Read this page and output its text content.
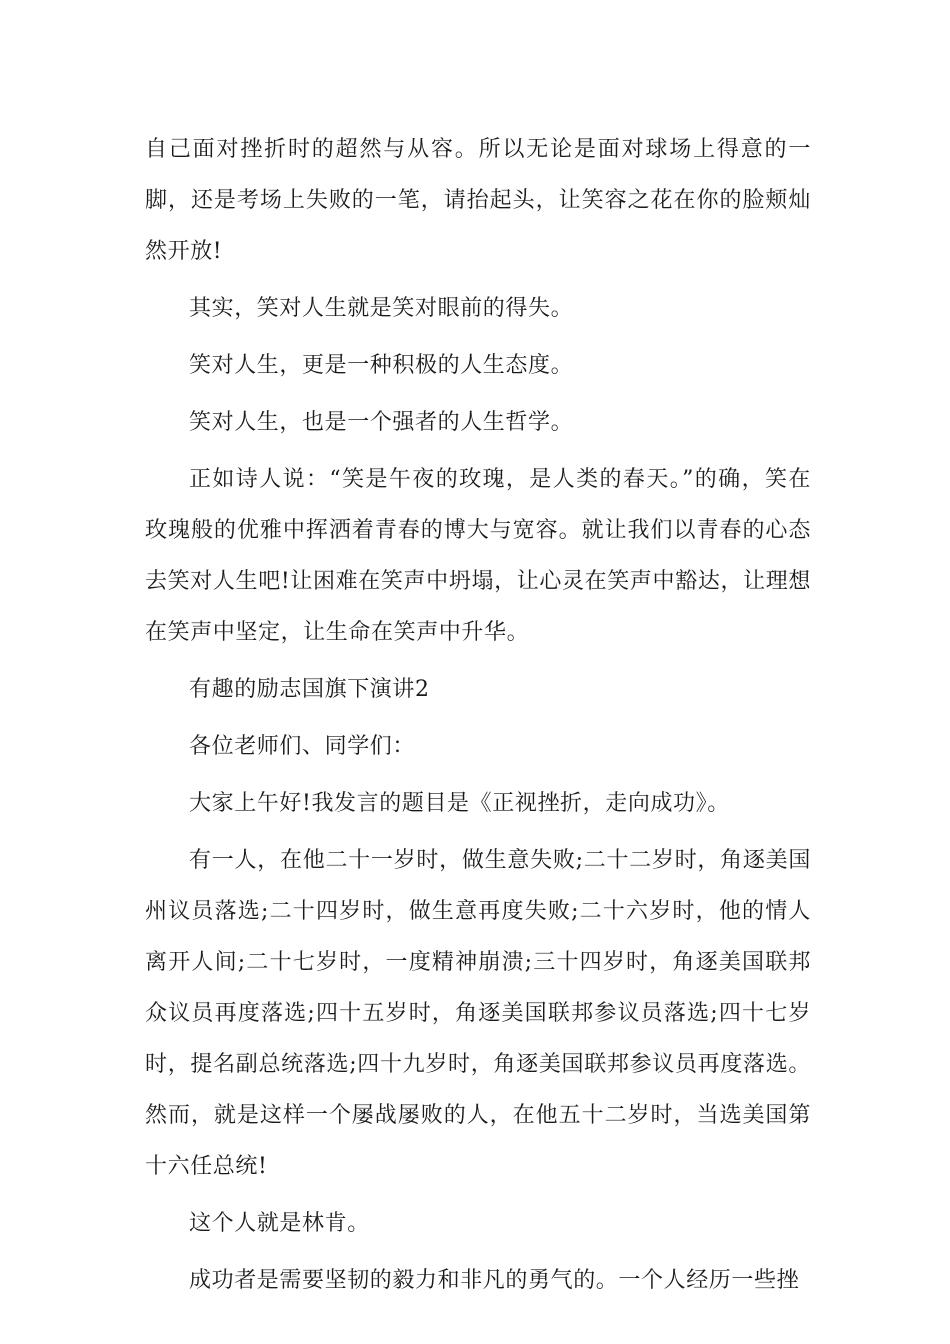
自己面对挫折时的超然与从容。所以无论是面对球场上得意的一脚，还是考场上失败的一笔，请抬起头，让笑容之花在你的脸颊灿然开放!

其实，笑对人生就是笑对眼前的得失。

笑对人生，更是一种积极的人生态度。

笑对人生，也是一个强者的人生哲学。

正如诗人说：“笑是午夜的玫瑰，是人类的春天。”的确，笑在玫瑰般的优雅中挥洒着青春的博大与宽容。就让我们以青春的心态去笑对人生吧!让困难在笑声中坍塌，让心灵在笑声中豁达，让理想在笑声中坚定，让生命在笑声中升华。

有趣的励志国旗下演讲2

各位老师们、同学们：

大家上午好!我发言的题目是《正视挫折，走向成功》。

有一人，在他二十一岁时，做生意失败;二十二岁时，角逐美国州议员落选;二十四岁时，做生意再度失败;二十六岁时，他的情人离开人间;二十七岁时，一度精神崩溃;三十四岁时，角逐美国联邦众议员再度落选;四十五岁时，角逐美国联邦参议员落选;四十七岁时，提名副总统落选;四十九岁时，角逐美国联邦参议员再度落选。然而，就是这样一个屡战屡败的人，在他五十二岁时，当选美国第十六任总统!

这个人就是林肯。

成功者是需要坚韧的毅力和非凡的勇气的。一个人经历一些挫
